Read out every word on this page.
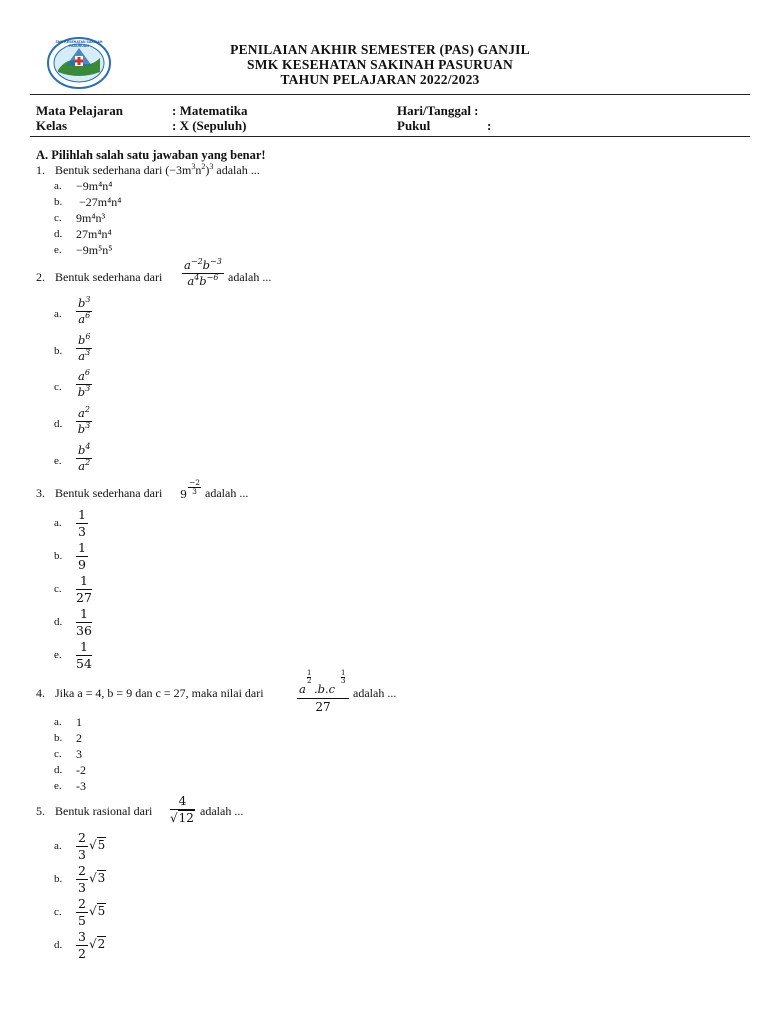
SMK KESEHATAN SAKINAH PASURUAN	PENILAIAN AKHIR SEMESTER (PAS) GANJIL
SMK KESEHATAN SAKINAH PASURUAN
TAHUN PELAJARAN 2022/2023
Mata Pelajaran	: Matematika	Hari/Tanggal :
Kelas	: X (Sepuluh)	Pukul	:
A. Pilihlah salah satu jawaban yang benar!
1. Bentuk sederhana dari $(-3m^3n^2)^3$ adalah ...
a. −9m⁴n⁴
b. −27m⁴n⁴
c. 9m⁴n³
d. 27m⁴n⁴
e. −9m⁵n⁵
2. Bentuk sederhana dari $\frac{a^{-2}b^{-3}}{a^4b^{-6}}$ adalah ...
a. $\frac{b^3}{a^6}$
b. $\frac{b^6}{a^3}$
c. $\frac{a^6}{b^3}$
d. $\frac{a^2}{b^3}$
e. $\frac{b^4}{a^2}$
3. Bentuk sederhana dari $9 \frac{-2}{3}$ adalah ...
a.
1
3
b.
1
9
c.
1
27
d.
1
36
e.
1
54
4. Jika a = 4, b = 9 dan c = 27, maka nilai dari	a
1
2
.b.c
1
3
27
adalah ...
a. 1
b. 2
c. 3
d. -2
e. -3
5. Bentuk rasional dari
4
√12 adalah ...
a.
2
3
√5
b.
2
3
√3
c.
2
5
√5
d.
3
2
√2
